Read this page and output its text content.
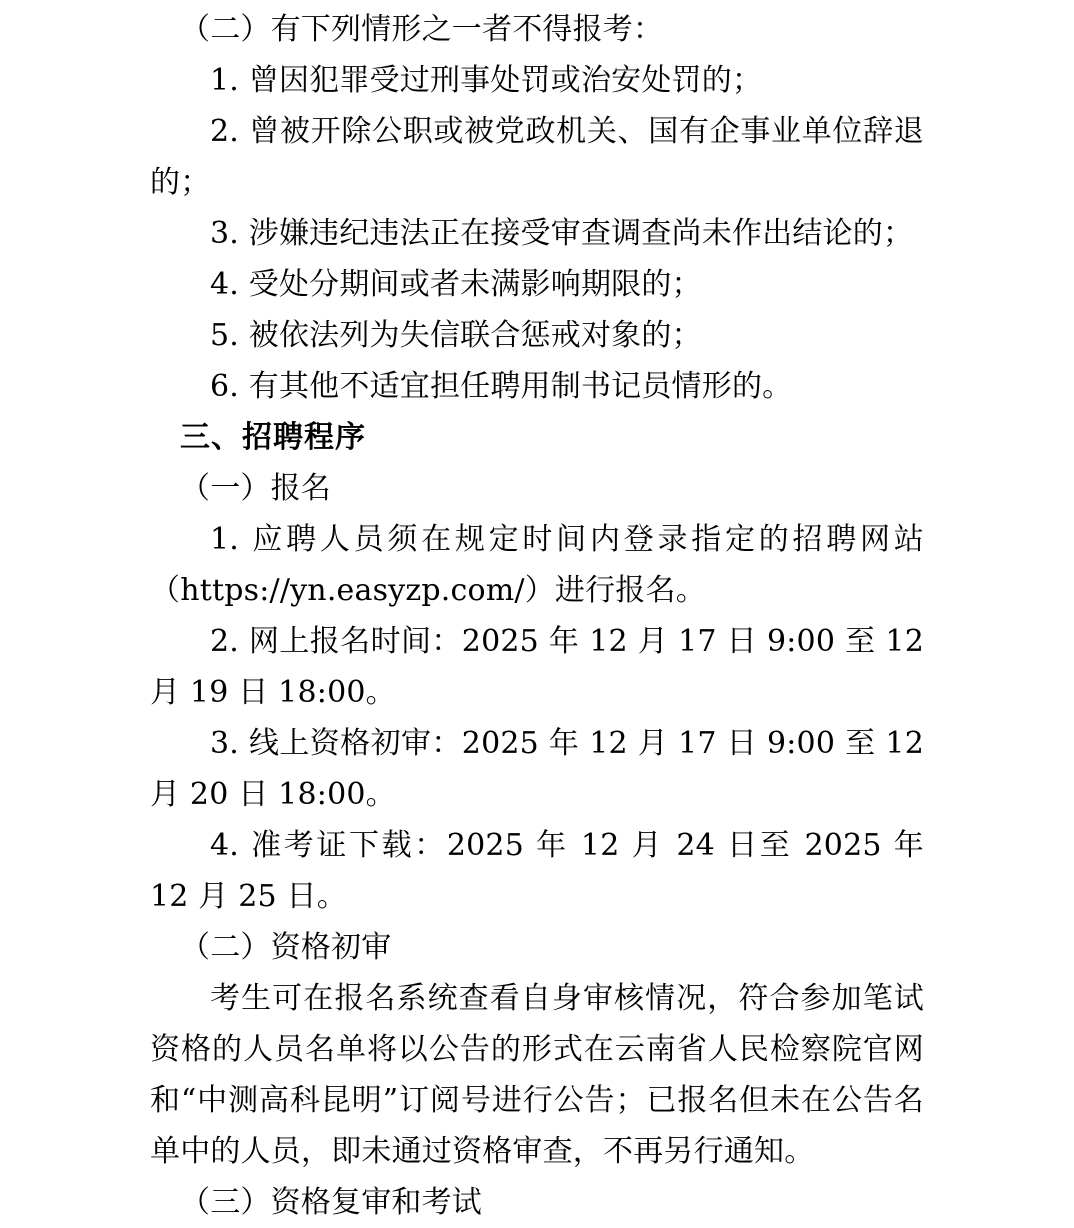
（二）有下列情形之一者不得报考：

1. 曾因犯罪受过刑事处罚或治安处罚的；

2. 曾被开除公职或被党政机关、国有企事业单位辞退的；

3. 涉嫌违纪违法正在接受审查调查尚未作出结论的；

4. 受处分期间或者未满影响期限的；

5. 被依法列为失信联合惩戒对象的；

6. 有其他不适宜担任聘用制书记员情形的。

三、招聘程序

（一）报名

1. 应聘人员须在规定时间内登录指定的招聘网站（https://yn.easyzp.com/）进行报名。

2. 网上报名时间：2025 年 12 月 17 日 9:00 至 12 月 19 日 18:00。

3. 线上资格初审：2025 年 12 月 17 日 9:00 至 12 月 20 日 18:00。

4. 准考证下载：2025 年 12 月 24 日至 2025 年 12 月 25 日。

（二）资格初审

考生可在报名系统查看自身审核情况，符合参加笔试资格的人员名单将以公告的形式在云南省人民检察院官网和“中测高科昆明”订阅号进行公告；已报名但未在公告名单中的人员，即未通过资格审查，不再另行通知。

（三）资格复审和考试
